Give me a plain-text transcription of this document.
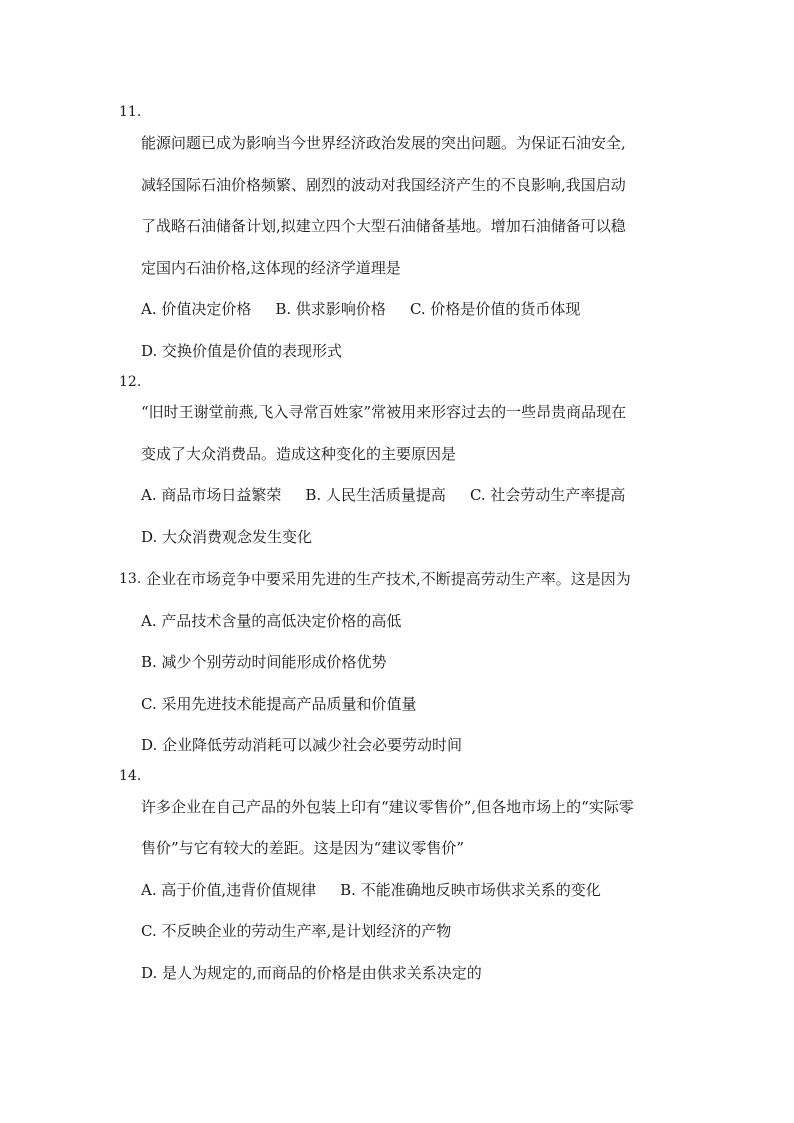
11.
能源问题已成为影响当今世界经济政治发展的突出问题。为保证石油安全,
减轻国际石油价格频繁、剧烈的波动对我国经济产生的不良影响,我国启动
了战略石油储备计划,拟建立四个大型石油储备基地。增加石油储备可以稳
定国内石油价格,这体现的经济学道理是
A. 价值决定价格 B. 供求影响价格 C. 价格是价值的货币体现
D. 交换价值是价值的表现形式
12.
“旧时王谢堂前燕,飞入寻常百姓家”常被用来形容过去的一些昂贵商品现在
变成了大众消费品。造成这种变化的主要原因是
A. 商品市场日益繁荣 B. 人民生活质量提高 C. 社会劳动生产率提高
D. 大众消费观念发生变化
13. 企业在市场竞争中要采用先进的生产技术,不断提高劳动生产率。这是因为
A. 产品技术含量的高低决定价格的高低
B. 减少个别劳动时间能形成价格优势
C. 采用先进技术能提高产品质量和价值量
D. 企业降低劳动消耗可以减少社会必要劳动时间
14.
许多企业在自己产品的外包装上印有“建议零售价”,但各地市场上的“实际零
售价”与它有较大的差距。这是因为“建议零售价”
A. 高于价值,违背价值规律 B. 不能准确地反映市场供求关系的变化
C. 不反映企业的劳动生产率,是计划经济的产物
D. 是人为规定的,而商品的价格是由供求关系决定的
